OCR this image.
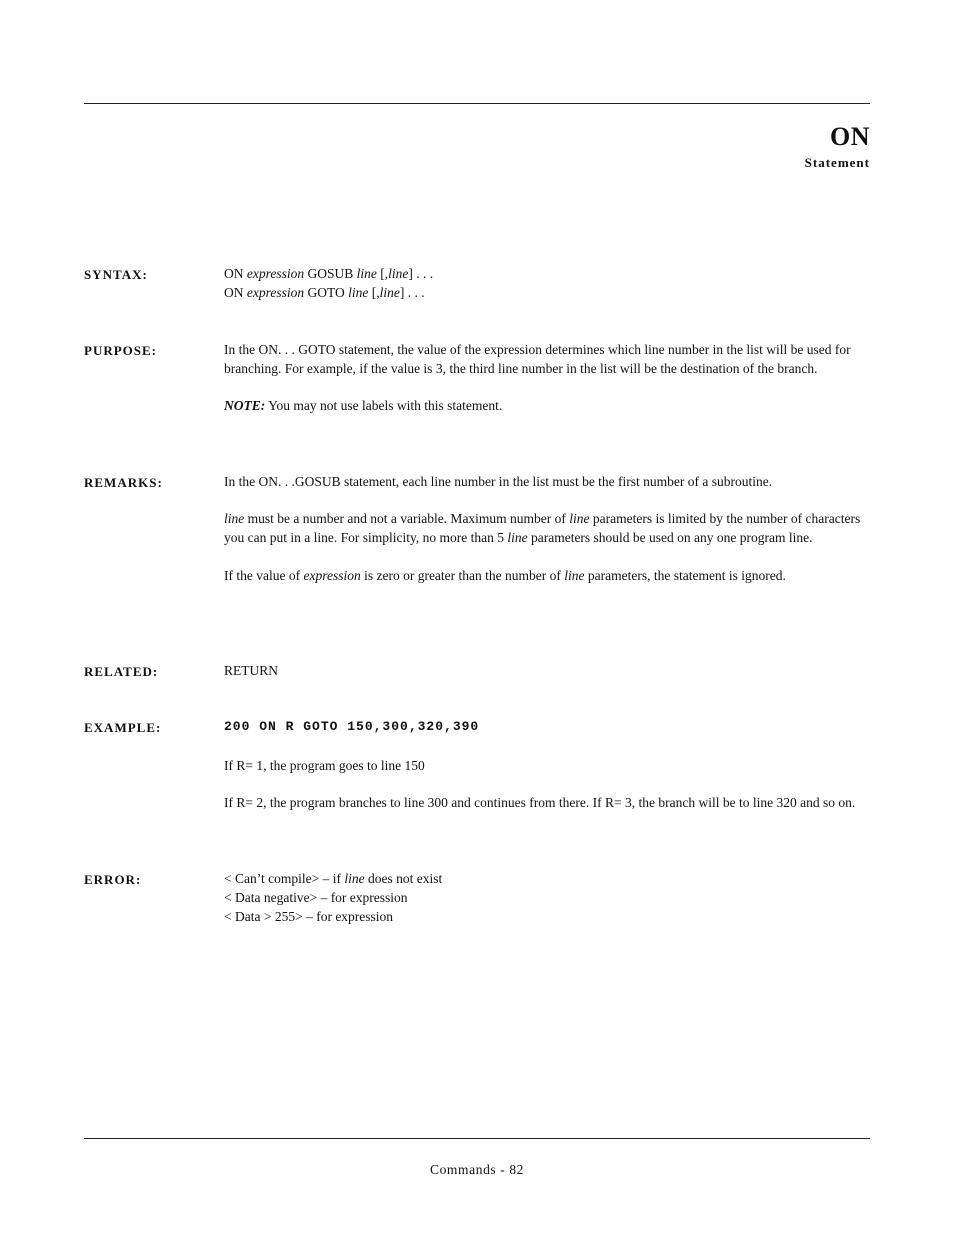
ON
Statement
SYNTAX:	ON expression GOSUB line [,line] . . .
ON expression GOTO line [,line] . . .
PURPOSE:	In the ON. . . GOTO statement, the value of the expression determines which line number in the list will be used for branching. For example, if the value is 3, the third line number in the list will be the destination of the branch.

NOTE: You may not use labels with this statement.

REMARKS:	In the ON. . .GOSUB statement, each line number in the list must be the first number of a subroutine.

line must be a number and not a variable. Maximum number of line parameters is limited by the number of characters you can put in a line. For simplicity, no more than 5 line parameters should be used on any one program line.

If the value of expression is zero or greater than the number of line parameters, the statement is ignored.

RELATED:	RETURN

EXAMPLE:	200 ON R GOTO 150,300,320,390

If R= 1, the program goes to line 150

If R= 2, the program branches to line 300 and continues from there. If R= 3, the branch will be to line 320 and so on.

ERROR:	< Can’t compile> – if line does not exist
< Data negative> – for expression
< Data > 255> – for expression
Commands - 82
